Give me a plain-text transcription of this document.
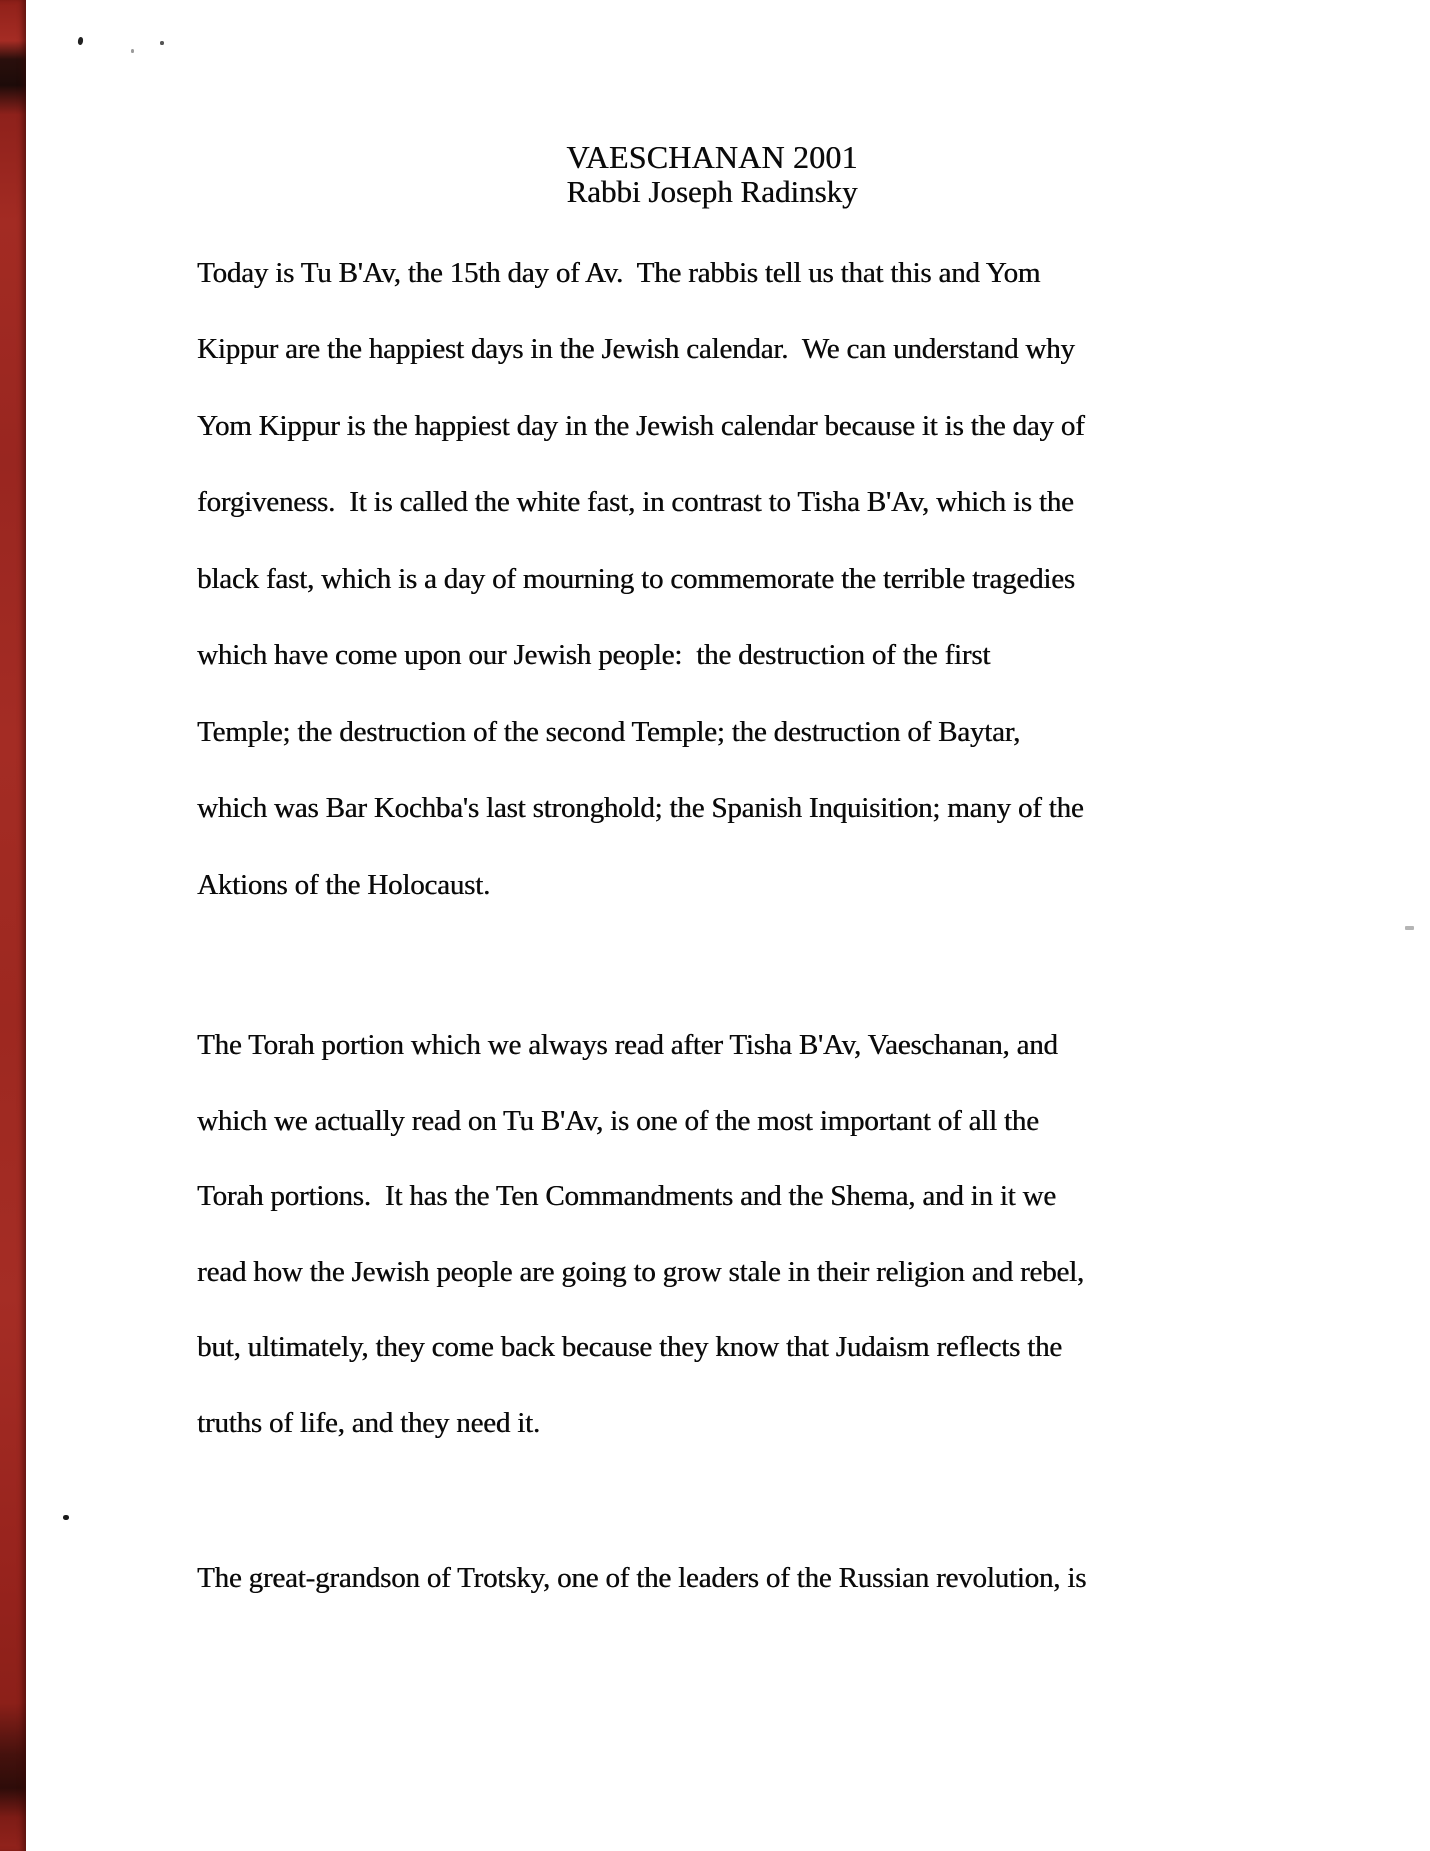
VAESCHANAN 2001
Rabbi Joseph Radinsky
Today is Tu B'Av, the 15th day of Av.  The rabbis tell us that this and Yom
Kippur are the happiest days in the Jewish calendar.  We can understand why
Yom Kippur is the happiest day in the Jewish calendar because it is the day of
forgiveness.  It is called the white fast, in contrast to Tisha B'Av, which is the
black fast, which is a day of mourning to commemorate the terrible tragedies
which have come upon our Jewish people:  the destruction of the first
Temple; the destruction of the second Temple; the destruction of Baytar,
which was Bar Kochba's last stronghold; the Spanish Inquisition; many of the
Aktions of the Holocaust.
The Torah portion which we always read after Tisha B'Av, Vaeschanan, and
which we actually read on Tu B'Av, is one of the most important of all the
Torah portions.  It has the Ten Commandments and the Shema, and in it we
read how the Jewish people are going to grow stale in their religion and rebel,
but, ultimately, they come back because they know that Judaism reflects the
truths of life, and they need it.
The great-grandson of Trotsky, one of the leaders of the Russian revolution, is
